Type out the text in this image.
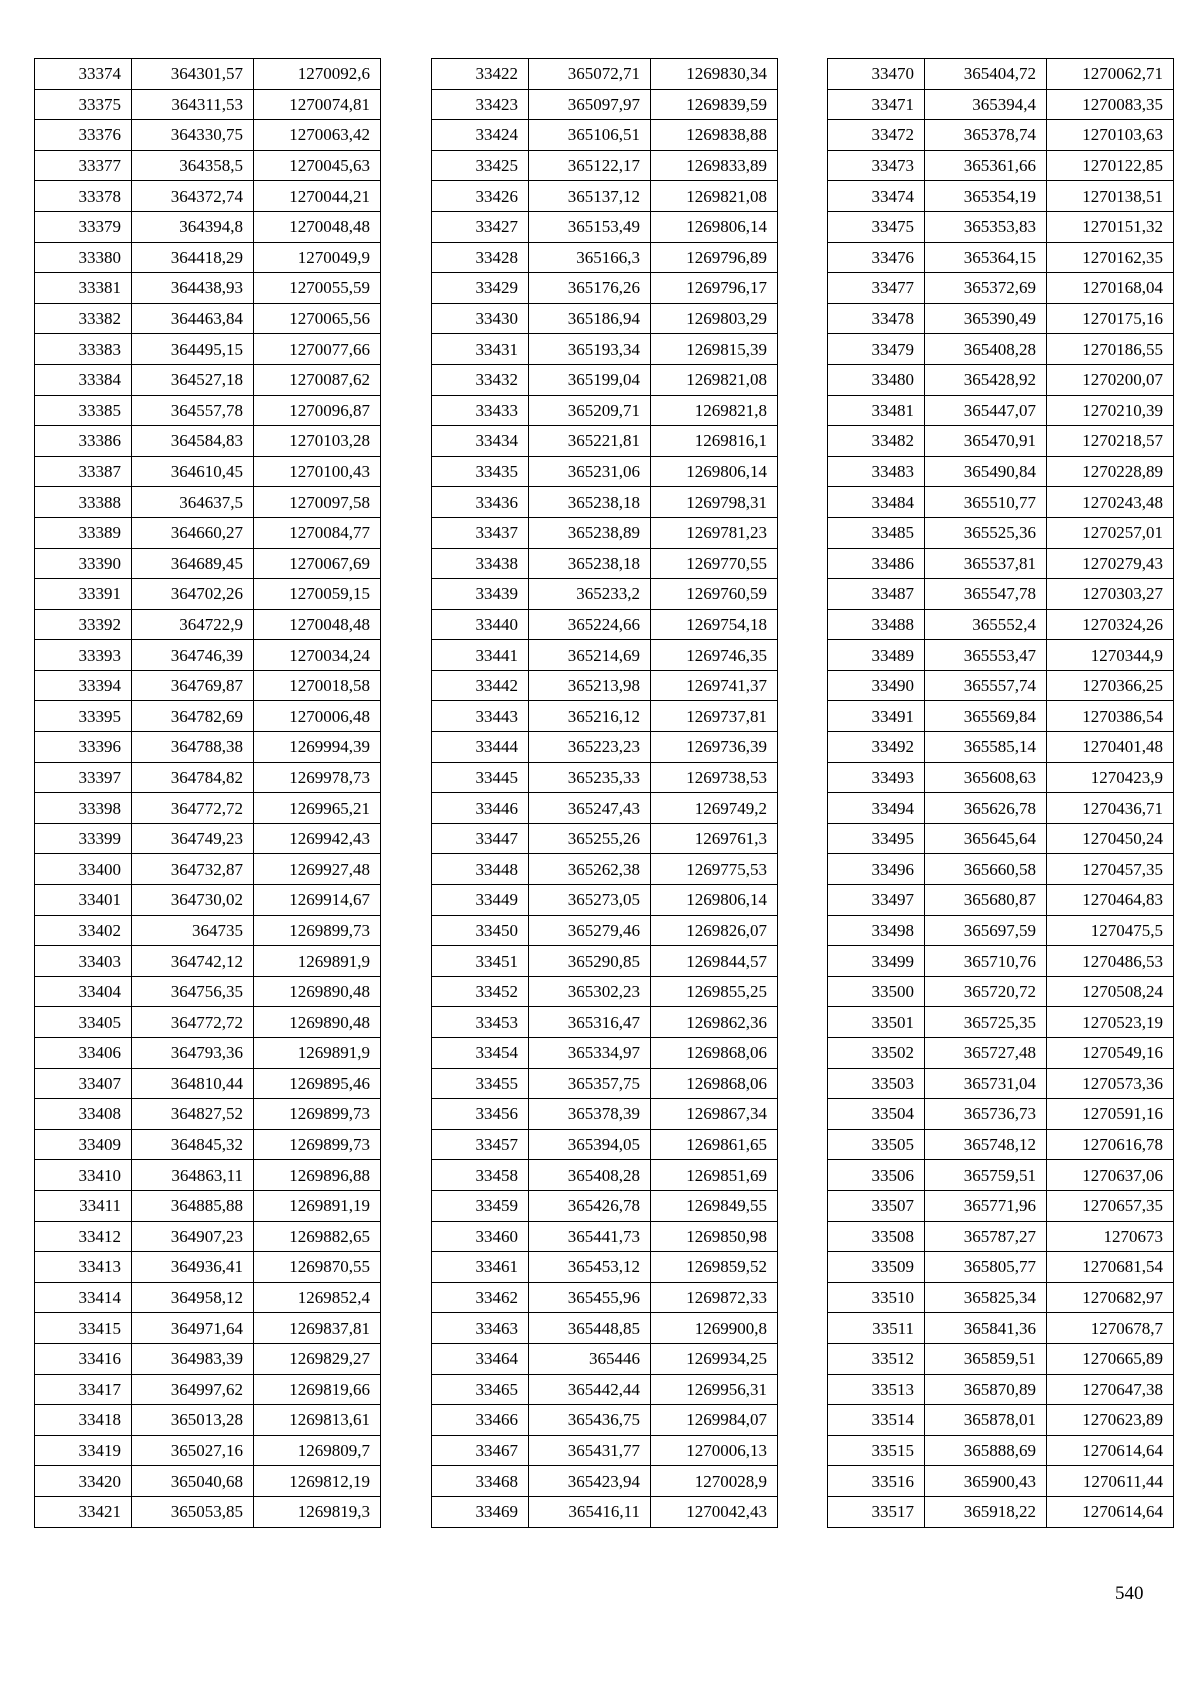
33374	364301,57	1270092,6
33375	364311,53	1270074,81
33376	364330,75	1270063,42
33377	364358,5	1270045,63
33378	364372,74	1270044,21
33379	364394,8	1270048,48
33380	364418,29	1270049,9
33381	364438,93	1270055,59
33382	364463,84	1270065,56
33383	364495,15	1270077,66
33384	364527,18	1270087,62
33385	364557,78	1270096,87
33386	364584,83	1270103,28
33387	364610,45	1270100,43
33388	364637,5	1270097,58
33389	364660,27	1270084,77
33390	364689,45	1270067,69
33391	364702,26	1270059,15
33392	364722,9	1270048,48
33393	364746,39	1270034,24
33394	364769,87	1270018,58
33395	364782,69	1270006,48
33396	364788,38	1269994,39
33397	364784,82	1269978,73
33398	364772,72	1269965,21
33399	364749,23	1269942,43
33400	364732,87	1269927,48
33401	364730,02	1269914,67
33402	364735	1269899,73
33403	364742,12	1269891,9
33404	364756,35	1269890,48
33405	364772,72	1269890,48
33406	364793,36	1269891,9
33407	364810,44	1269895,46
33408	364827,52	1269899,73
33409	364845,32	1269899,73
33410	364863,11	1269896,88
33411	364885,88	1269891,19
33412	364907,23	1269882,65
33413	364936,41	1269870,55
33414	364958,12	1269852,4
33415	364971,64	1269837,81
33416	364983,39	1269829,27
33417	364997,62	1269819,66
33418	365013,28	1269813,61
33419	365027,16	1269809,7
33420	365040,68	1269812,19
33421	365053,85	1269819,3
33422	365072,71	1269830,34
33423	365097,97	1269839,59
33424	365106,51	1269838,88
33425	365122,17	1269833,89
33426	365137,12	1269821,08
33427	365153,49	1269806,14
33428	365166,3	1269796,89
33429	365176,26	1269796,17
33430	365186,94	1269803,29
33431	365193,34	1269815,39
33432	365199,04	1269821,08
33433	365209,71	1269821,8
33434	365221,81	1269816,1
33435	365231,06	1269806,14
33436	365238,18	1269798,31
33437	365238,89	1269781,23
33438	365238,18	1269770,55
33439	365233,2	1269760,59
33440	365224,66	1269754,18
33441	365214,69	1269746,35
33442	365213,98	1269741,37
33443	365216,12	1269737,81
33444	365223,23	1269736,39
33445	365235,33	1269738,53
33446	365247,43	1269749,2
33447	365255,26	1269761,3
33448	365262,38	1269775,53
33449	365273,05	1269806,14
33450	365279,46	1269826,07
33451	365290,85	1269844,57
33452	365302,23	1269855,25
33453	365316,47	1269862,36
33454	365334,97	1269868,06
33455	365357,75	1269868,06
33456	365378,39	1269867,34
33457	365394,05	1269861,65
33458	365408,28	1269851,69
33459	365426,78	1269849,55
33460	365441,73	1269850,98
33461	365453,12	1269859,52
33462	365455,96	1269872,33
33463	365448,85	1269900,8
33464	365446	1269934,25
33465	365442,44	1269956,31
33466	365436,75	1269984,07
33467	365431,77	1270006,13
33468	365423,94	1270028,9
33469	365416,11	1270042,43
33470	365404,72	1270062,71
33471	365394,4	1270083,35
33472	365378,74	1270103,63
33473	365361,66	1270122,85
33474	365354,19	1270138,51
33475	365353,83	1270151,32
33476	365364,15	1270162,35
33477	365372,69	1270168,04
33478	365390,49	1270175,16
33479	365408,28	1270186,55
33480	365428,92	1270200,07
33481	365447,07	1270210,39
33482	365470,91	1270218,57
33483	365490,84	1270228,89
33484	365510,77	1270243,48
33485	365525,36	1270257,01
33486	365537,81	1270279,43
33487	365547,78	1270303,27
33488	365552,4	1270324,26
33489	365553,47	1270344,9
33490	365557,74	1270366,25
33491	365569,84	1270386,54
33492	365585,14	1270401,48
33493	365608,63	1270423,9
33494	365626,78	1270436,71
33495	365645,64	1270450,24
33496	365660,58	1270457,35
33497	365680,87	1270464,83
33498	365697,59	1270475,5
33499	365710,76	1270486,53
33500	365720,72	1270508,24
33501	365725,35	1270523,19
33502	365727,48	1270549,16
33503	365731,04	1270573,36
33504	365736,73	1270591,16
33505	365748,12	1270616,78
33506	365759,51	1270637,06
33507	365771,96	1270657,35
33508	365787,27	1270673
33509	365805,77	1270681,54
33510	365825,34	1270682,97
33511	365841,36	1270678,7
33512	365859,51	1270665,89
33513	365870,89	1270647,38
33514	365878,01	1270623,89
33515	365888,69	1270614,64
33516	365900,43	1270611,44
33517	365918,22	1270614,64
540
